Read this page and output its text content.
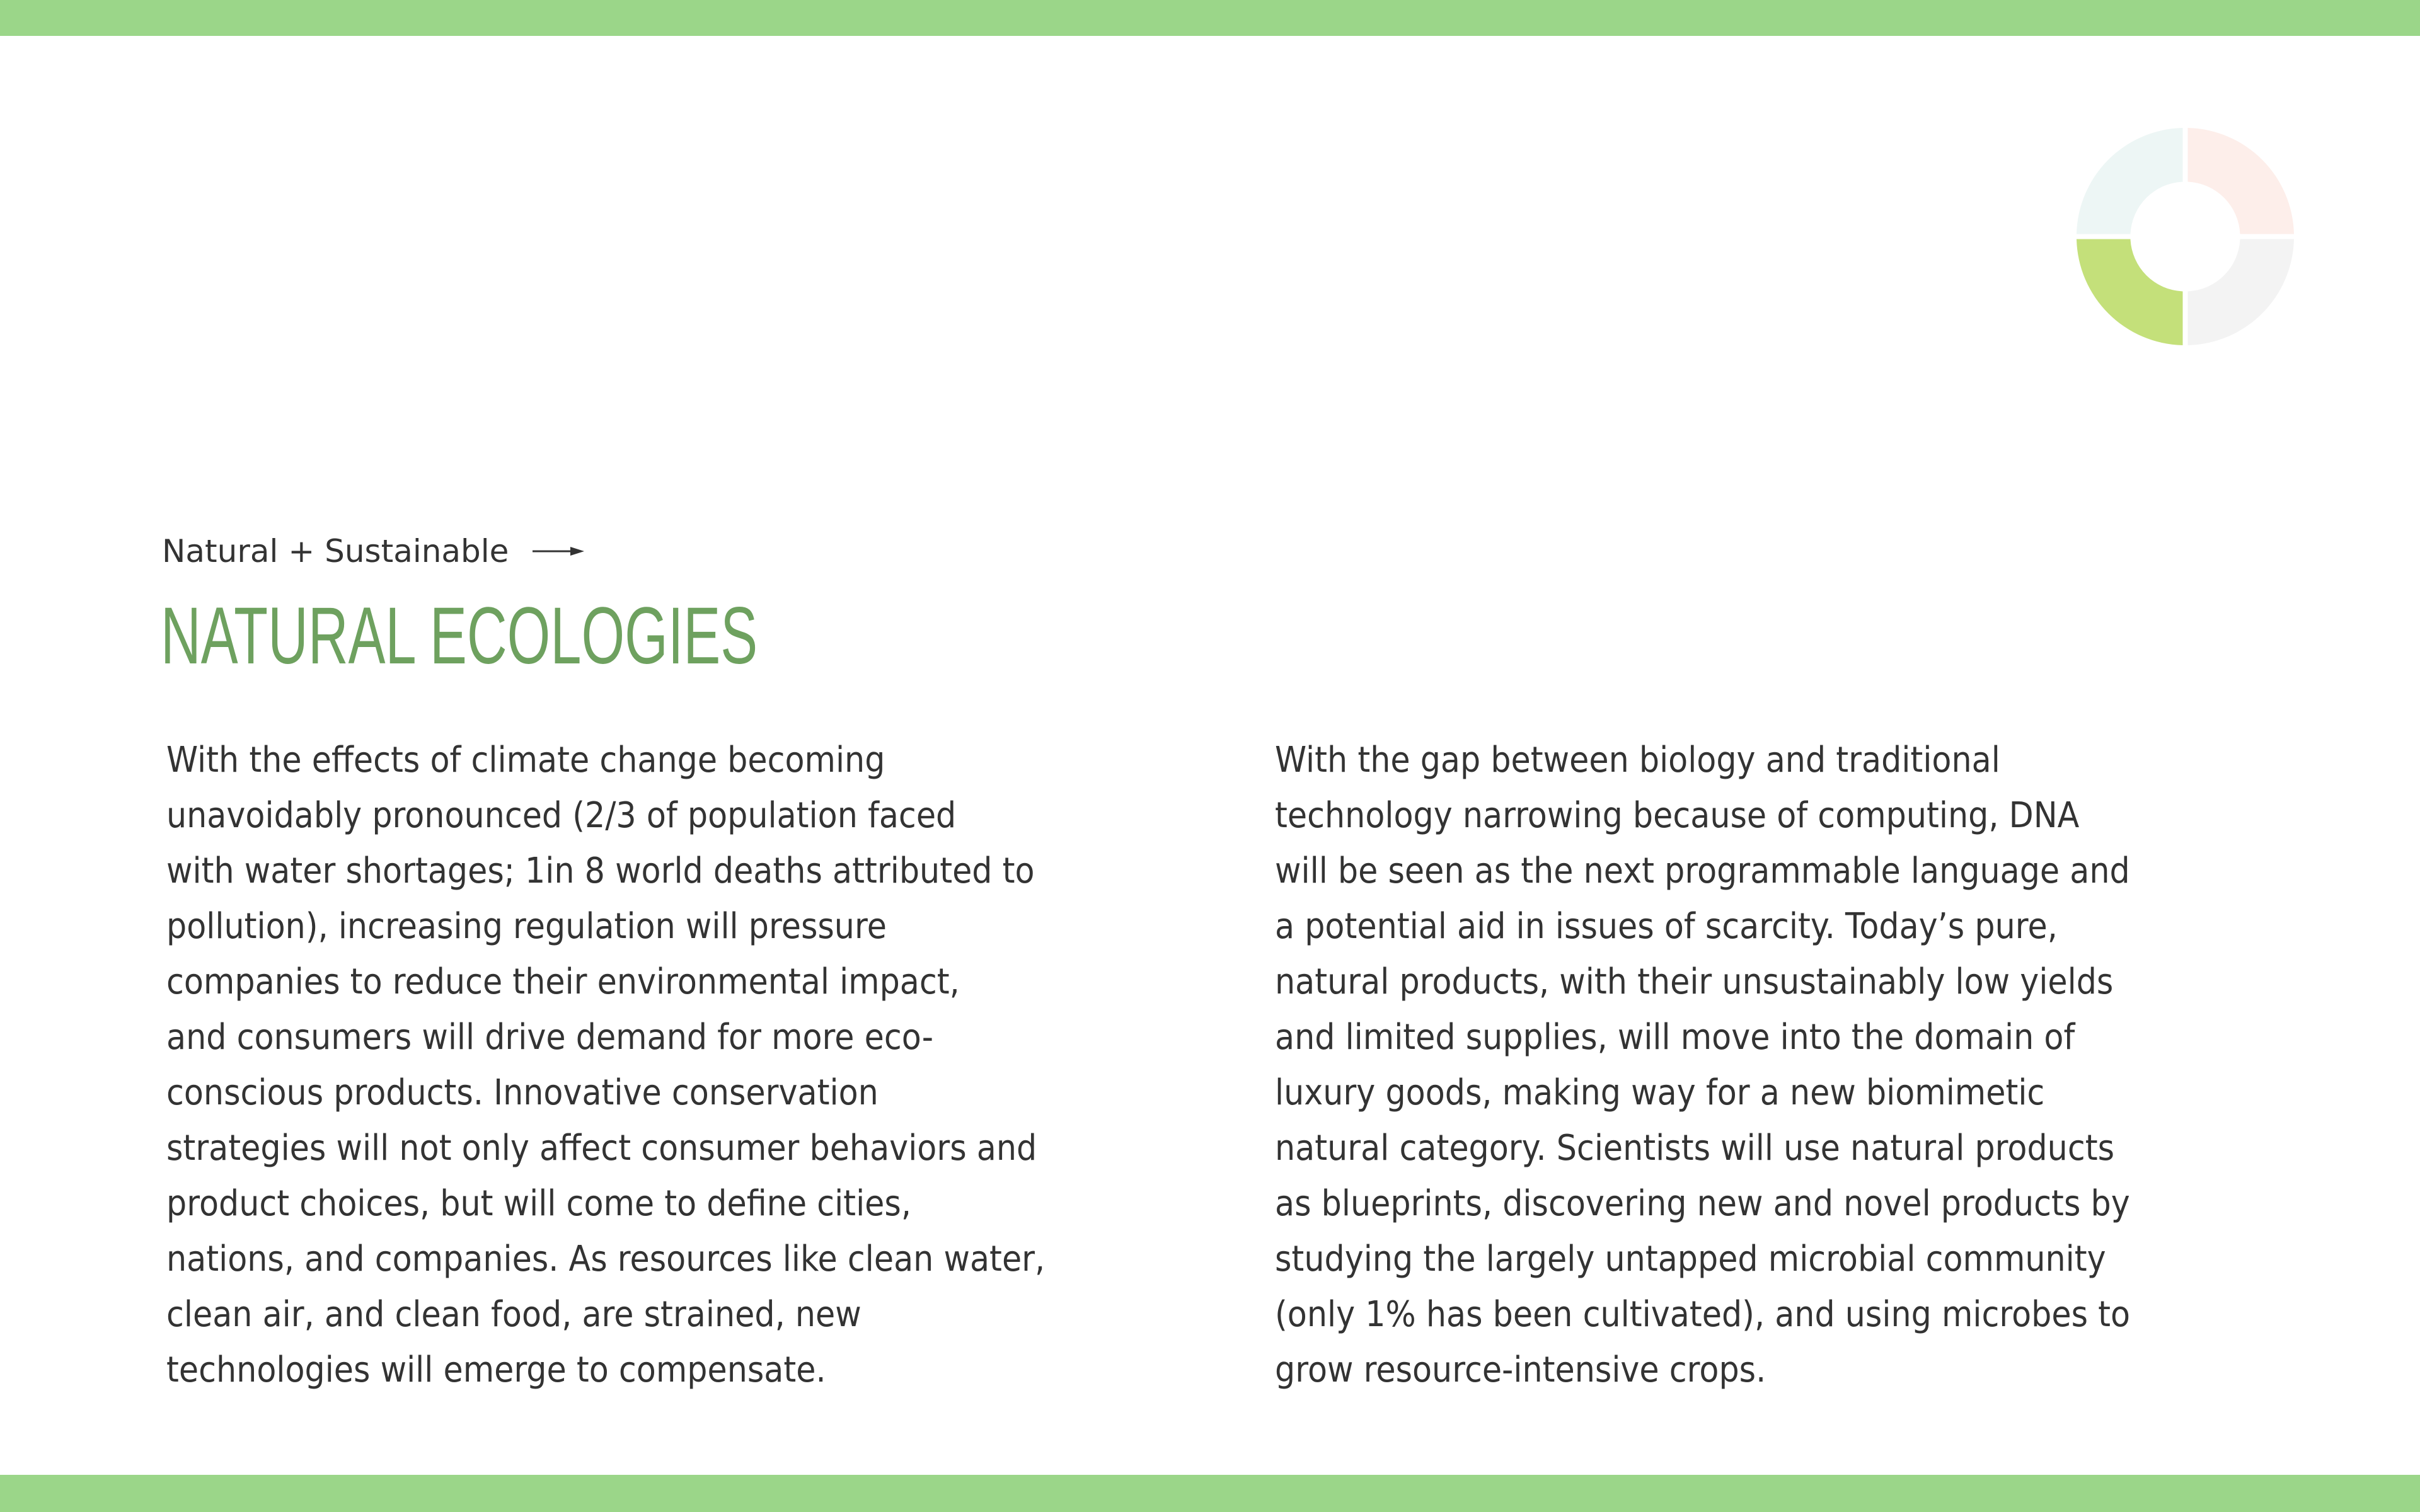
Natural + Sustainable
NATURAL ECOLOGIES

With the effects of climate change becoming
unavoidably pronounced (2/3 of population faced
with water shortages; 1in 8 world deaths attributed to
pollution), increasing regulation will pressure
companies to reduce their environmental impact,
and consumers will drive demand for more eco-
conscious products. Innovative conservation
strategies will not only affect consumer behaviors and
product choices, but will come to define cities,
nations, and companies. As resources like clean water,
clean air, and clean food, are strained, new
technologies will emerge to compensate.

With the gap between biology and traditional
technology narrowing because of computing, DNA
will be seen as the next programmable language and
a potential aid in issues of scarcity. Today’s pure,
natural products, with their unsustainably low yields
and limited supplies, will move into the domain of
luxury goods, making way for a new biomimetic
natural category. Scientists will use natural products
as blueprints, discovering new and novel products by
studying the largely untapped microbial community
(only 1% has been cultivated), and using microbes to
grow resource-intensive crops.
